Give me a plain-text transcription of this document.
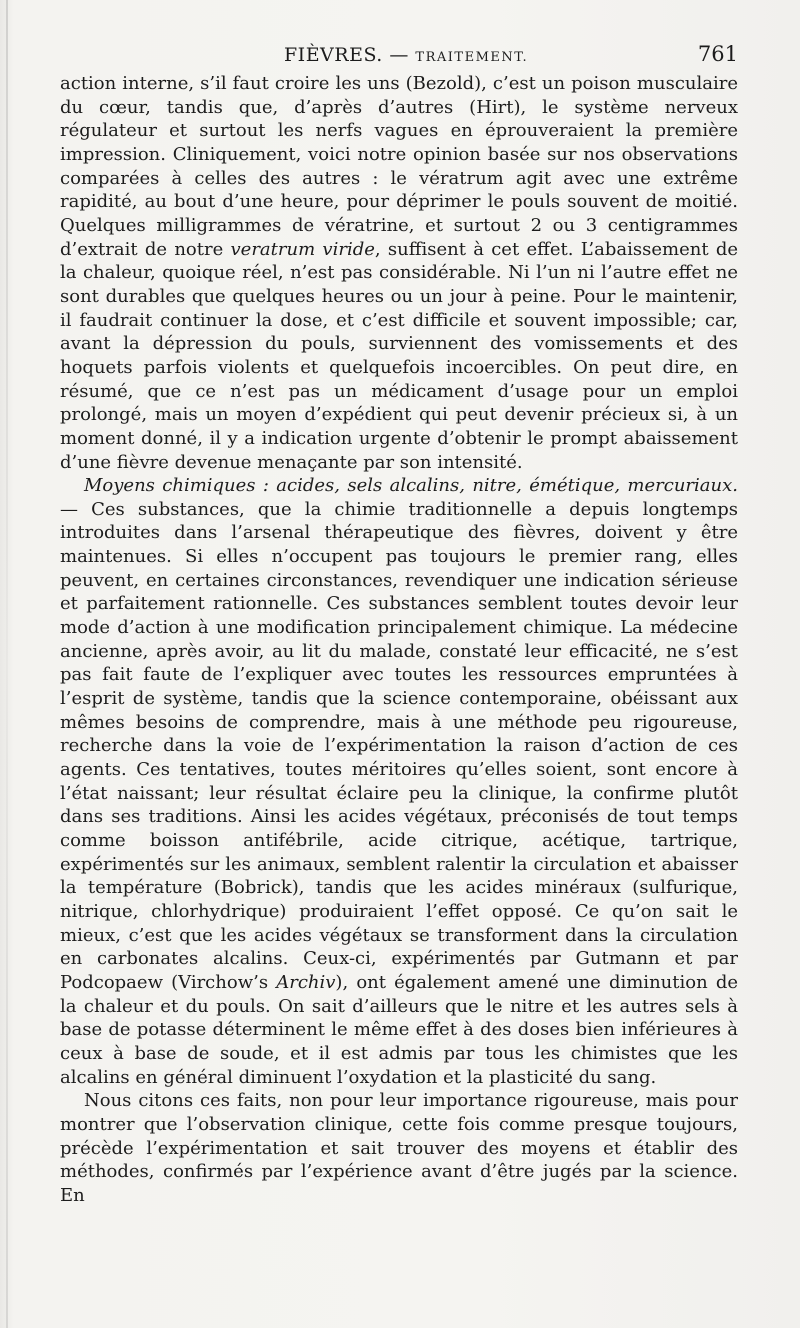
FIÈVRES. — TRAITEMENT.	761

action interne, s’il faut croire les uns (Bezold), c’est un poison musculaire du cœur, tandis que, d’après d’autres (Hirt), le système nerveux régulateur et surtout les nerfs vagues en éprouveraient la première impression. Cliniquement, voici notre opinion basée sur nos observations comparées à celles des autres : le vératrum agit avec une extrême rapidité, au bout d’une heure, pour déprimer le pouls souvent de moitié. Quelques milligrammes de vératrine, et surtout 2 ou 3 centigrammes d’extrait de notre veratrum viride, suffisent à cet effet. L’abaissement de la chaleur, quoique réel, n’est pas considérable. Ni l’un ni l’autre effet ne sont durables que quelques heures ou un jour à peine. Pour le maintenir, il faudrait continuer la dose, et c’est difficile et souvent impossible; car, avant la dépression du pouls, surviennent des vomissements et des hoquets parfois violents et quelquefois incoercibles. On peut dire, en résumé, que ce n’est pas un médicament d’usage pour un emploi prolongé, mais un moyen d’expédient qui peut devenir précieux si, à un moment donné, il y a indication urgente d’obtenir le prompt abaissement d’une fièvre devenue menaçante par son intensité.

Moyens chimiques : acides, sels alcalins, nitre, émétique, mercuriaux. — Ces substances, que la chimie traditionnelle a depuis longtemps introduites dans l’arsenal thérapeutique des fièvres, doivent y être maintenues. Si elles n’occupent pas toujours le premier rang, elles peuvent, en certaines circonstances, revendiquer une indication sérieuse et parfaitement rationnelle. Ces substances semblent toutes devoir leur mode d’action à une modification principalement chimique. La médecine ancienne, après avoir, au lit du malade, constaté leur efficacité, ne s’est pas fait faute de l’expliquer avec toutes les ressources empruntées à l’esprit de système, tandis que la science contemporaine, obéissant aux mêmes besoins de comprendre, mais à une méthode peu rigoureuse, recherche dans la voie de l’expérimentation la raison d’action de ces agents. Ces tentatives, toutes méritoires qu’elles soient, sont encore à l’état naissant; leur résultat éclaire peu la clinique, la confirme plutôt dans ses traditions. Ainsi les acides végétaux, préconisés de tout temps comme boisson antifébrile, acide citrique, acétique, tartrique, expérimentés sur les animaux, semblent ralentir la circulation et abaisser la température (Bobrick), tandis que les acides minéraux (sulfurique, nitrique, chlorhydrique) produiraient l’effet opposé. Ce qu’on sait le mieux, c’est que les acides végétaux se transforment dans la circulation en carbonates alcalins. Ceux-ci, expérimentés par Gutmann et par Podcopaew (Virchow’s Archiv), ont également amené une diminution de la chaleur et du pouls. On sait d’ailleurs que le nitre et les autres sels à base de potasse déterminent le même effet à des doses bien inférieures à ceux à base de soude, et il est admis par tous les chimistes que les alcalins en général diminuent l’oxydation et la plasticité du sang.

Nous citons ces faits, non pour leur importance rigoureuse, mais pour montrer que l’observation clinique, cette fois comme presque toujours, précède l’expérimentation et sait trouver des moyens et établir des méthodes, confirmés par l’expérience avant d’être jugés par la science. En
